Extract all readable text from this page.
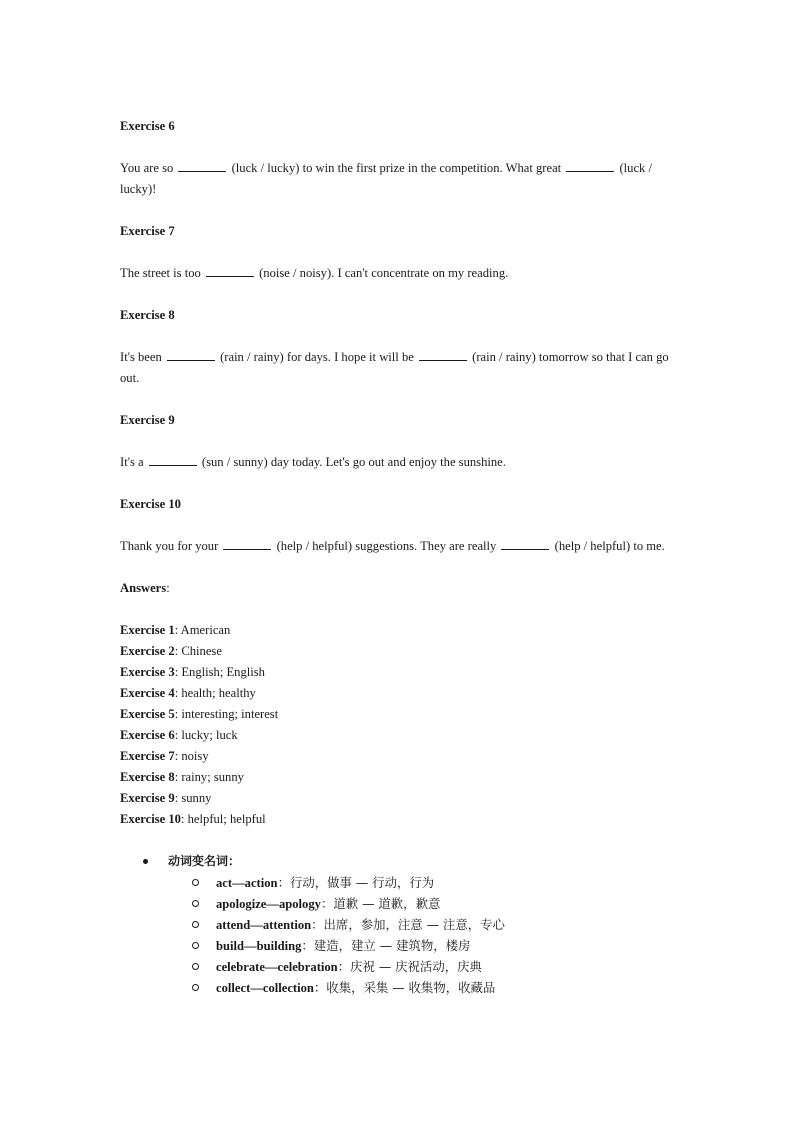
Exercise 6

You are so	(luck / lucky) to win the first prize in the competition. What great	(luck / lucky)!

Exercise 7

The street is too	(noise / noisy). I can't concentrate on my reading.

Exercise 8

It's been	(rain / rainy) for days. I hope it will be	(rain / rainy) tomorrow so that I can go out.

Exercise 9

It's a	(sun / sunny) day today. Let's go out and enjoy the sunshine.

Exercise 10

Thank you for your	(help / helpful) suggestions. They are really	(help / helpful) to me.

Answers:

Exercise 1: American

Exercise 2: Chinese

Exercise 3: English; English

Exercise 4: health; healthy

Exercise 5: interesting; interest

Exercise 6: lucky; luck

Exercise 7: noisy

Exercise 8: rainy; sunny

Exercise 9: sunny

Exercise 10: helpful; helpful

动词变名词：
act—action：行动，做事 — 行动，行为
apologize—apology：道歉 — 道歉，歉意
attend—attention：出席，参加，注意 — 注意，专心
build—building：建造，建立 — 建筑物，楼房
celebrate—celebration：庆祝 — 庆祝活动，庆典
collect—collection：收集，采集 — 收集物，收藏品
